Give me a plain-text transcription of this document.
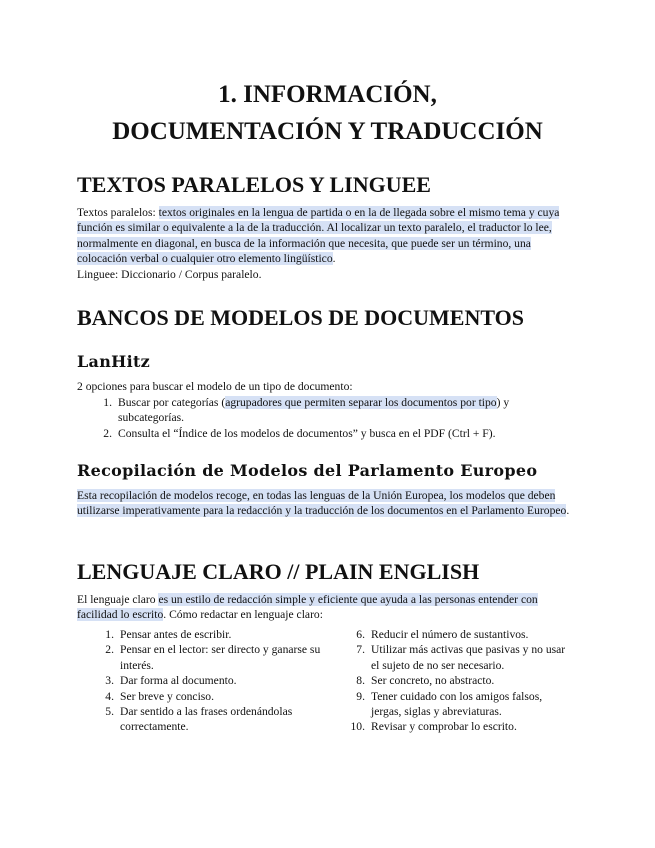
1. INFORMACIÓN,
DOCUMENTACIÓN Y TRADUCCIÓN
TEXTOS PARALELOS Y LINGUEE

Textos paralelos: textos originales en la lengua de partida o en la de llegada sobre el mismo tema y cuya función es similar o equivalente a la de la traducción. Al localizar un texto paralelo, el traductor lo lee, normalmente en diagonal, en busca de la información que necesita, que puede ser un término, una colocación verbal o cualquier otro elemento lingüístico.
Linguee: Diccionario / Corpus paralelo.

BANCOS DE MODELOS DE DOCUMENTOS
LanHitz

2 opciones para buscar el modelo de un tipo de documento:

1. Buscar por categorías (agrupadores que permiten separar los documentos por tipo) y subcategorías.
2. Consulta el “Índice de los modelos de documentos” y busca en el PDF (Ctrl + F).
Recopilación de Modelos del Parlamento Europeo

Esta recopilación de modelos recoge, en todas las lenguas de la Unión Europea, los modelos que deben utilizarse imperativamente para la redacción y la traducción de los documentos en el Parlamento Europeo.

LENGUAJE CLARO // PLAIN ENGLISH

El lenguaje claro es un estilo de redacción simple y eficiente que ayuda a las personas entender con facilidad lo escrito. Cómo redactar en lenguaje claro:

1. Pensar antes de escribir.
2. Pensar en el lector: ser directo y ganarse su interés.
3. Dar forma al documento.
4. Ser breve y conciso.
5. Dar sentido a las frases ordenándolas correctamente.
6. Reducir el número de sustantivos.
7. Utilizar más activas que pasivas y no usar el sujeto de no ser necesario.
8. Ser concreto, no abstracto.
9. Tener cuidado con los amigos falsos, jergas, siglas y abreviaturas.
10. Revisar y comprobar lo escrito.
